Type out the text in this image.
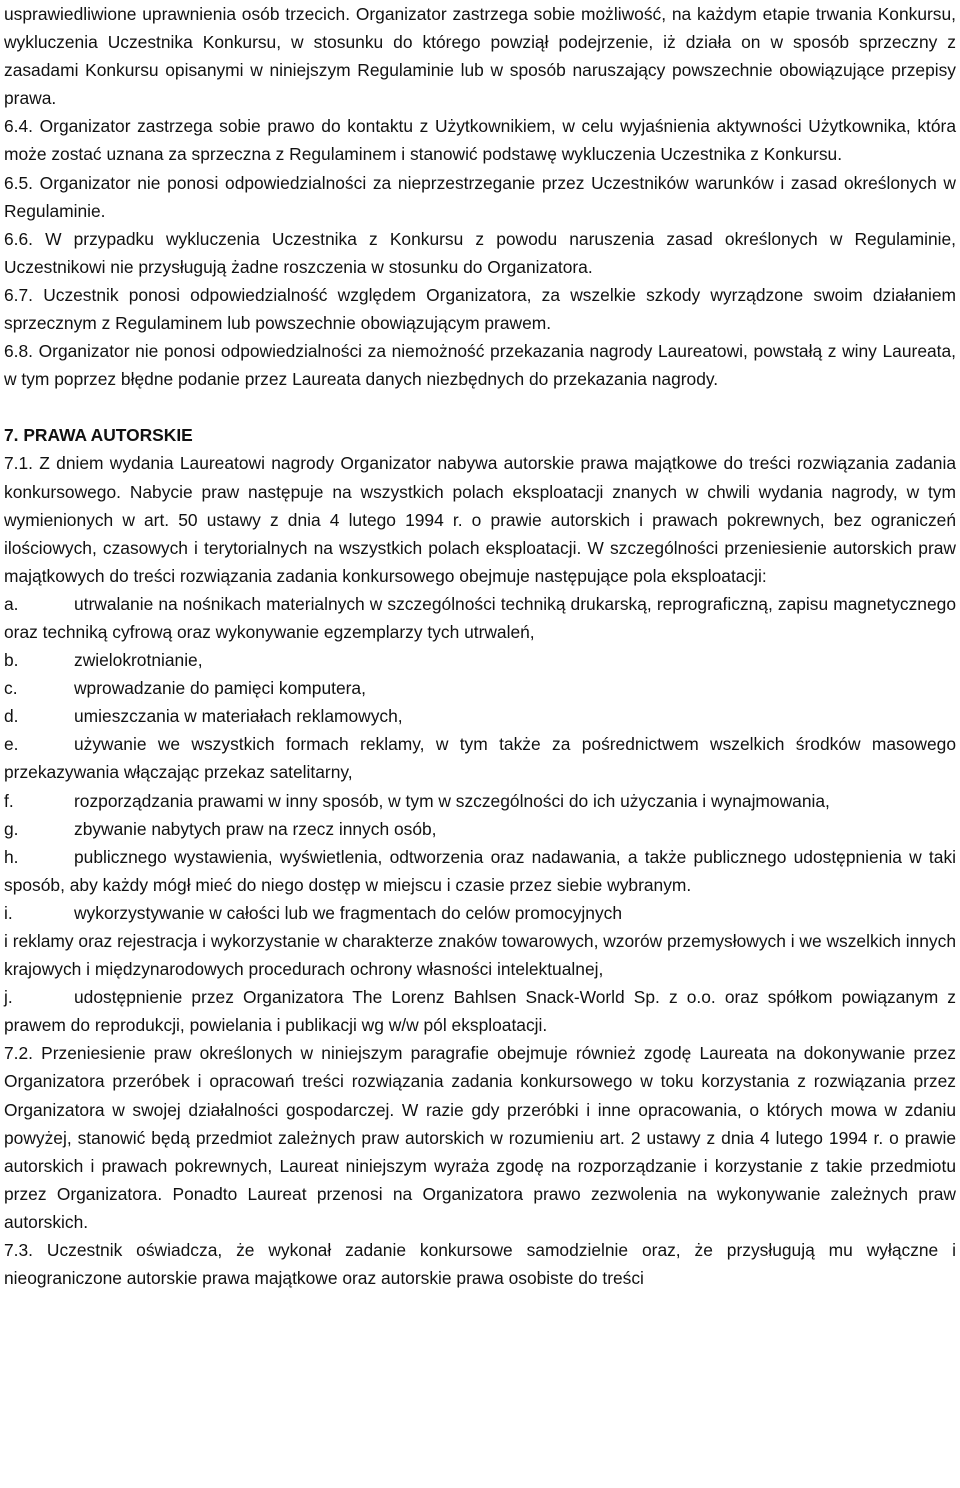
usprawiedliwione uprawnienia osób trzecich. Organizator zastrzega sobie możliwość, na każdym etapie trwania Konkursu, wykluczenia Uczestnika Konkursu, w stosunku do którego powziął podejrzenie, iż działa on w sposób sprzeczny z zasadami Konkursu opisanymi w niniejszym Regulaminie lub w sposób naruszający powszechnie obowiązujące przepisy prawa.

6.4. Organizator zastrzega sobie prawo do kontaktu z Użytkownikiem, w celu wyjaśnienia aktywności Użytkownika, która może zostać uznana za sprzeczna z Regulaminem i stanowić podstawę wykluczenia Uczestnika z Konkursu.

6.5. Organizator nie ponosi odpowiedzialności za nieprzestrzeganie przez Uczestników warunków i zasad określonych w Regulaminie.

6.6. W przypadku wykluczenia Uczestnika z Konkursu z powodu naruszenia zasad określonych w Regulaminie, Uczestnikowi nie przysługują żadne roszczenia w stosunku do Organizatora.

6.7. Uczestnik ponosi odpowiedzialność względem Organizatora, za wszelkie szkody wyrządzone swoim działaniem sprzecznym z Regulaminem lub powszechnie obowiązującym prawem.

6.8. Organizator nie ponosi odpowiedzialności za niemożność przekazania nagrody Laureatowi, powstałą z winy Laureata, w tym poprzez błędne podanie przez Laureata danych niezbędnych do przekazania nagrody.

7. PRAWA AUTORSKIE

7.1. Z dniem wydania Laureatowi nagrody Organizator nabywa autorskie prawa majątkowe do treści rozwiązania zadania konkursowego. Nabycie praw następuje na wszystkich polach eksploatacji znanych w chwili wydania nagrody, w tym wymienionych w art. 50 ustawy z dnia 4 lutego 1994 r. o prawie autorskich i prawach pokrewnych, bez ograniczeń ilościowych, czasowych i terytorialnych na wszystkich polach eksploatacji. W szczególności przeniesienie autorskich praw majątkowych do treści rozwiązania zadania konkursowego obejmuje następujące pola eksploatacji:

a.	utrwalanie na nośnikach materialnych w szczególności techniką drukarską, reprograficzną, zapisu magnetycznego oraz techniką cyfrową oraz wykonywanie egzemplarzy tych utrwaleń,

b.	zwielokrotnianie,

c.	wprowadzanie do pamięci komputera,

d.	umieszczania w materiałach reklamowych,

e.	używanie we wszystkich formach reklamy, w tym także za pośrednictwem wszelkich środków masowego przekazywania włączając przekaz satelitarny,

f.	rozporządzania prawami w inny sposób, w tym w szczególności do ich użyczania i wynajmowania,

g.	zbywanie nabytych praw na rzecz innych osób,

h.	publicznego wystawienia, wyświetlenia, odtworzenia oraz nadawania, a także publicznego udostępnienia w taki sposób, aby każdy mógł mieć do niego dostęp w miejscu i czasie przez siebie wybranym.

i.	wykorzystywanie w całości lub we fragmentach do celów promocyjnych

i reklamy oraz rejestracja i wykorzystanie w charakterze znaków towarowych, wzorów przemysłowych i we wszelkich innych krajowych i międzynarodowych procedurach ochrony własności intelektualnej,

j.	udostępnienie przez Organizatora The Lorenz Bahlsen Snack-World Sp. z o.o. oraz spółkom powiązanym z prawem do reprodukcji, powielania i publikacji wg w/w pól eksploatacji.

7.2. Przeniesienie praw określonych w niniejszym paragrafie obejmuje również zgodę Laureata na dokonywanie przez Organizatora przeróbek i opracowań treści rozwiązania zadania konkursowego w toku korzystania z rozwiązania przez Organizatora w swojej działalności gospodarczej. W razie gdy przeróbki i inne opracowania, o których mowa w zdaniu powyżej, stanowić będą przedmiot zależnych praw autorskich w rozumieniu art. 2 ustawy z dnia 4 lutego 1994 r. o prawie autorskich i prawach pokrewnych, Laureat niniejszym wyraża zgodę na rozporządzanie i korzystanie z takie przedmiotu przez Organizatora. Ponadto Laureat przenosi na Organizatora prawo zezwolenia na wykonywanie zależnych praw autorskich.

7.3. Uczestnik oświadcza, że wykonał zadanie konkursowe samodzielnie oraz, że przysługują mu wyłączne i nieograniczone autorskie prawa majątkowe oraz autorskie prawa osobiste do treści
